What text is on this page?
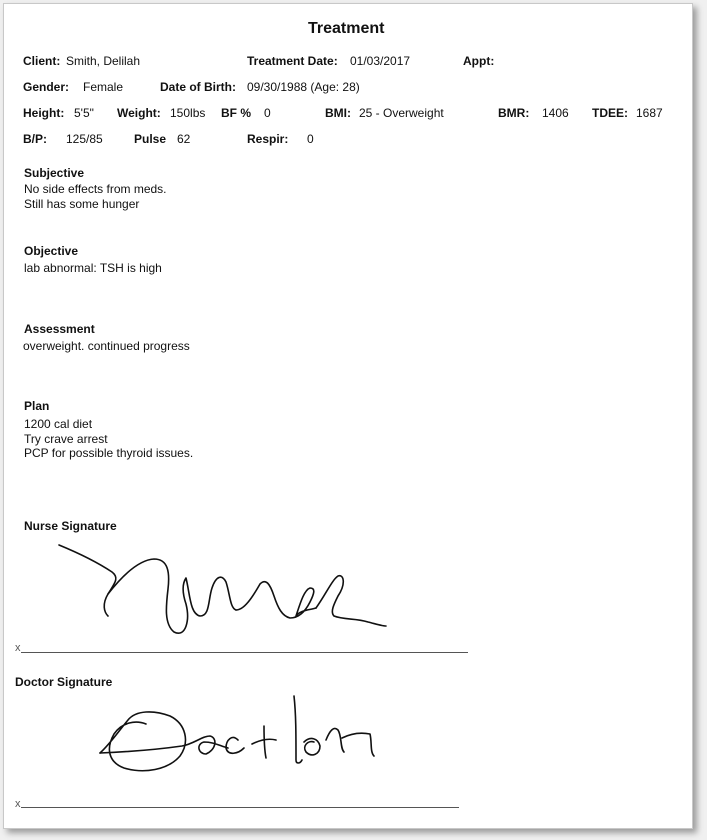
Treatment
Client: Smith, Delilah	Treatment Date: 01/03/2017	Appt:
Gender: Female	Date of Birth: 09/30/1988 (Age: 28)
Height: 5'5" Weight: 150lbs BF % 0	BMI: 25 - Overweight	BMR: 1406 TDEE: 1687
B/P: 125/85	Pulse 62	Respir: 0
Subjective
No side effects from meds.
Still has some hunger
Objective
lab abnormal: TSH is high
Assessment
overweight. continued progress
Plan
1200 cal diet
Try crave arrest
PCP for possible thyroid issues.
Nurse Signature
x
Doctor Signature
x
